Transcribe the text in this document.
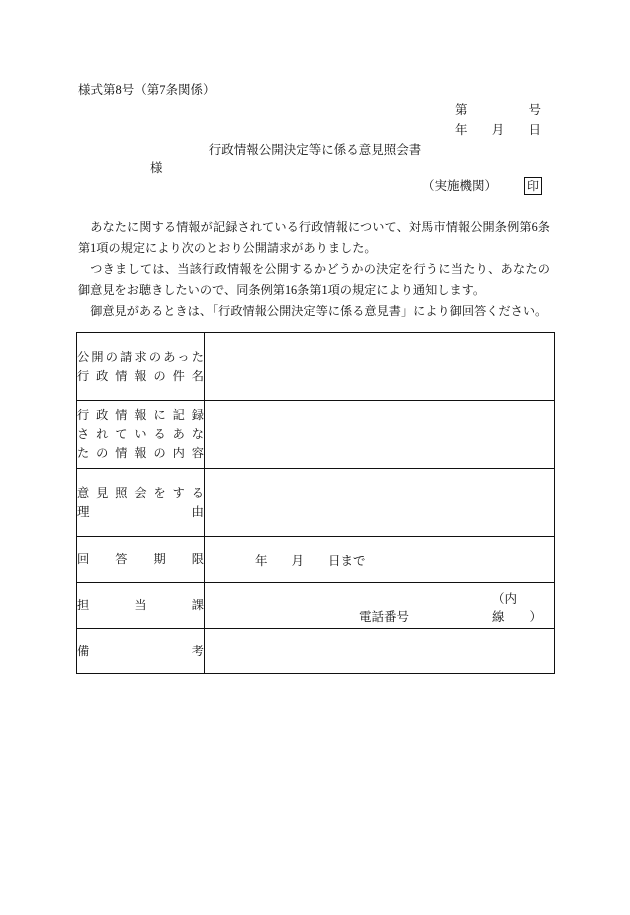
様式第8号（第7条関係）
第	号
年 月 日
行政情報公開決定等に係る意見照会書
様
（実施機関） 印

あなたに関する情報が記録されている行政情報について、対馬市情報公開条例第6条第1項の規定により次のとおり公開請求がありました。

つきましては、当該行政情報を公開するかどうかの決定を行うに当たり、あなたの御意見をお聴きしたいので、同条例第16条第1項の規定により通知します。

御意見があるときは、「行政情報公開決定等に係る意見書」により御回答ください。

公開の請求のあった
行政情報の件名	

行政情報に記録
されているあな
たの情報の内容	

意見照会をする
理 由	

回答期限	年 月 日まで

担当課	電話番号
（内線　　）

備考	
